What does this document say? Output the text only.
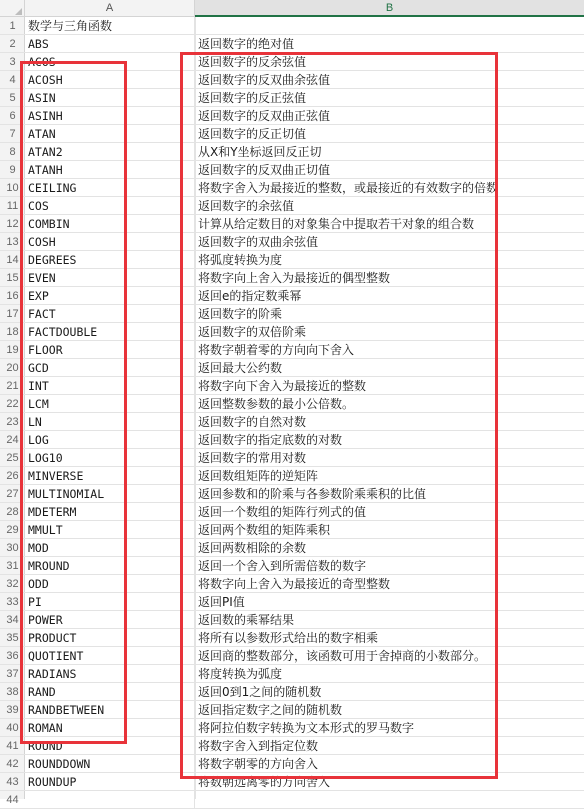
A	B
1	数学与三角函数
2	ABS	返回数字的绝对值
3	ACOS	返回数字的反余弦值
4	ACOSH	返回数字的反双曲余弦值
5	ASIN	返回数字的反正弦值
6	ASINH	返回数字的反双曲正弦值
7	ATAN	返回数字的反正切值
8	ATAN2	从X和Y坐标返回反正切
9	ATANH	返回数字的反双曲正切值
10 CEILING	将数字舍入为最接近的整数，或最接近的有效数字的倍数
11 COS	返回数字的余弦值
12 COMBIN	计算从给定数目的对象集合中提取若干对象的组合数
13 COSH	返回数字的双曲余弦值
14 DEGREES	将弧度转换为度
15 EVEN	将数字向上舍入为最接近的偶型整数
16 EXP	返回e的指定数乘幂
17 FACT	返回数字的阶乘
18 FACTDOUBLE	返回数字的双倍阶乘
19 FLOOR	将数字朝着零的方向向下舍入
20 GCD	返回最大公约数
21 INT	将数字向下舍入为最接近的整数
22 LCM	返回整数参数的最小公倍数。
23 LN	返回数字的自然对数
24 LOG	返回数字的指定底数的对数
25 LOG10	返回数字的常用对数
26 MINVERSE	返回数组矩阵的逆矩阵
27 MULTINOMIAL	返回参数和的阶乘与各参数阶乘乘积的比值
28 MDETERM	返回一个数组的矩阵行列式的值
29 MMULT	返回两个数组的矩阵乘积
30 MOD	返回两数相除的余数
31 MROUND	返回一个舍入到所需倍数的数字
32 ODD	将数字向上舍入为最接近的奇型整数
33 PI	返回PI值
34 POWER	返回数的乘幂结果
35 PRODUCT	将所有以参数形式给出的数字相乘
36 QUOTIENT	返回商的整数部分，该函数可用于舍掉商的小数部分。
37 RADIANS	将度转换为弧度
38 RAND	返回0到1之间的随机数
39 RANDBETWEEN	返回指定数字之间的随机数
40 ROMAN	将阿拉伯数字转换为文本形式的罗马数字
41 ROUND	将数字舍入到指定位数
42 ROUNDDOWN	将数字朝零的方向舍入
43 ROUNDUP	将数朝远离零的方向舍入
44
